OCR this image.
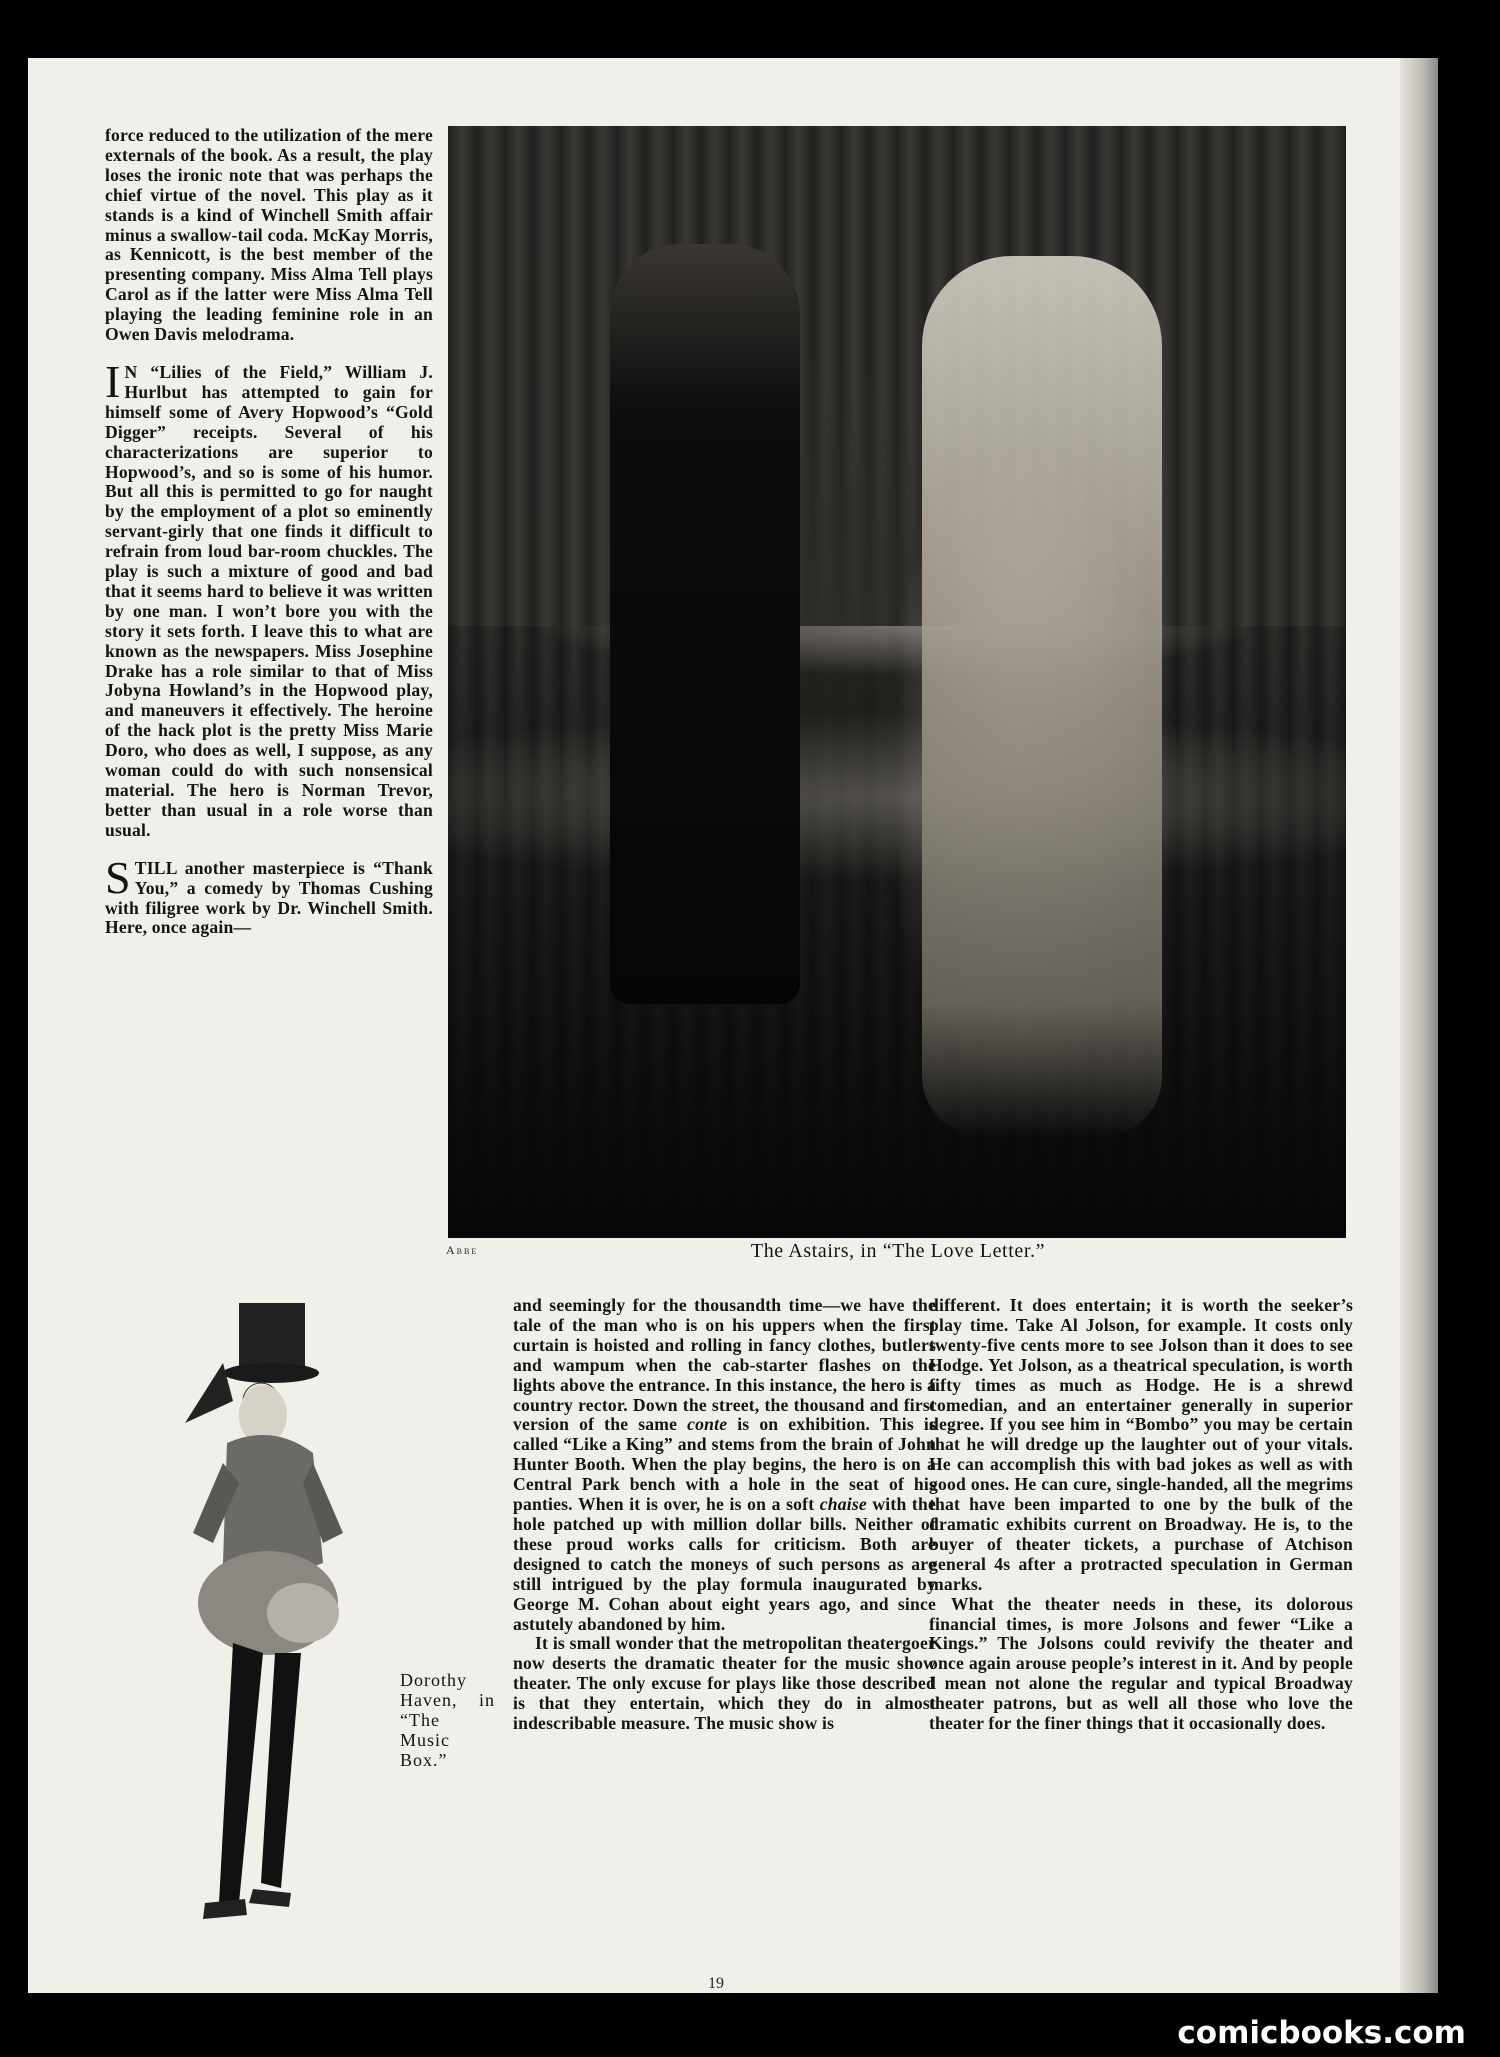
force reduced to the utilization of the mere externals of the book. As a result, the play loses the ironic note that was perhaps the chief virtue of the novel. This play as it stands is a kind of Winchell Smith affair minus a swallow-tail coda. McKay Morris, as Kennicott, is the best member of the presenting company. Miss Alma Tell plays Carol as if the latter were Miss Alma Tell playing the leading feminine role in an Owen Davis melodrama.

I N “Lilies of the Field,” William J. Hurlbut has attempted to gain for himself some of Avery Hopwood’s “Gold Digger” receipts. Several of his characterizations are superior to Hopwood’s, and so is some of his humor. But all this is permitted to go for naught by the employment of a plot so eminently servant-girly that one finds it difficult to refrain from loud bar-room chuckles. The play is such a mixture of good and bad that it seems hard to believe it was written by one man. I won’t bore you with the story it sets forth. I leave this to what are known as the newspapers. Miss Josephine Drake has a role similar to that of Miss Jobyna Howland’s in the Hopwood play, and maneuvers it effectively. The heroine of the hack plot is the pretty Miss Marie Doro, who does as well, I suppose, as any woman could do with such nonsensical material. The hero is Norman Trevor, better than usual in a role worse than usual.

STILL another masterpiece is “Thank You,” a comedy by Thomas Cushing with filigree work by Dr. Winchell Smith. Here, once again—

Abbe	The Astairs, in “The Love Letter.”
Dorothy Haven, in “The Music Box.”

and seemingly for the thousandth time—we have the tale of the man who is on his uppers when the first curtain is hoisted and rolling in fancy clothes, butlers and wampum when the cab-starter flashes on the lights above the entrance. In this instance, the hero is a country rector. Down the street, the thousand and first version of the same conte is on exhibition. This is called “Like a King” and stems from the brain of John Hunter Booth. When the play begins, the hero is on a Central Park bench with a hole in the seat of his panties. When it is over, he is on a soft chaise with the hole patched up with million dollar bills. Neither of these proud works calls for criticism. Both are designed to catch the moneys of such persons as are still intrigued by the play formula inaugurated by George M. Cohan about eight years ago, and since astutely abandoned by him.

It is small wonder that the metropolitan theatergoer now deserts the dramatic theater for the music show theater. The only excuse for plays like those described is that they entertain, which they do in almost indescribable measure. The music show is

different. It does entertain; it is worth the seeker’s play time. Take Al Jolson, for example. It costs only twenty-five cents more to see Jolson than it does to see Hodge. Yet Jolson, as a theatrical speculation, is worth fifty times as much as Hodge. He is a shrewd comedian, and an entertainer generally in superior degree. If you see him in “Bombo” you may be certain that he will dredge up the laughter out of your vitals. He can accomplish this with bad jokes as well as with good ones. He can cure, single-handed, all the megrims that have been imparted to one by the bulk of the dramatic exhibits current on Broadway. He is, to the buyer of theater tickets, a purchase of Atchison general 4s after a protracted speculation in German marks.

What the theater needs in these, its dolorous financial times, is more Jolsons and fewer “Like a Kings.” The Jolsons could revivify the theater and once again arouse people’s interest in it. And by people I mean not alone the regular and typical Broadway theater patrons, but as well all those who love the theater for the finer things that it occasionally does.

19
comicbooks.com
